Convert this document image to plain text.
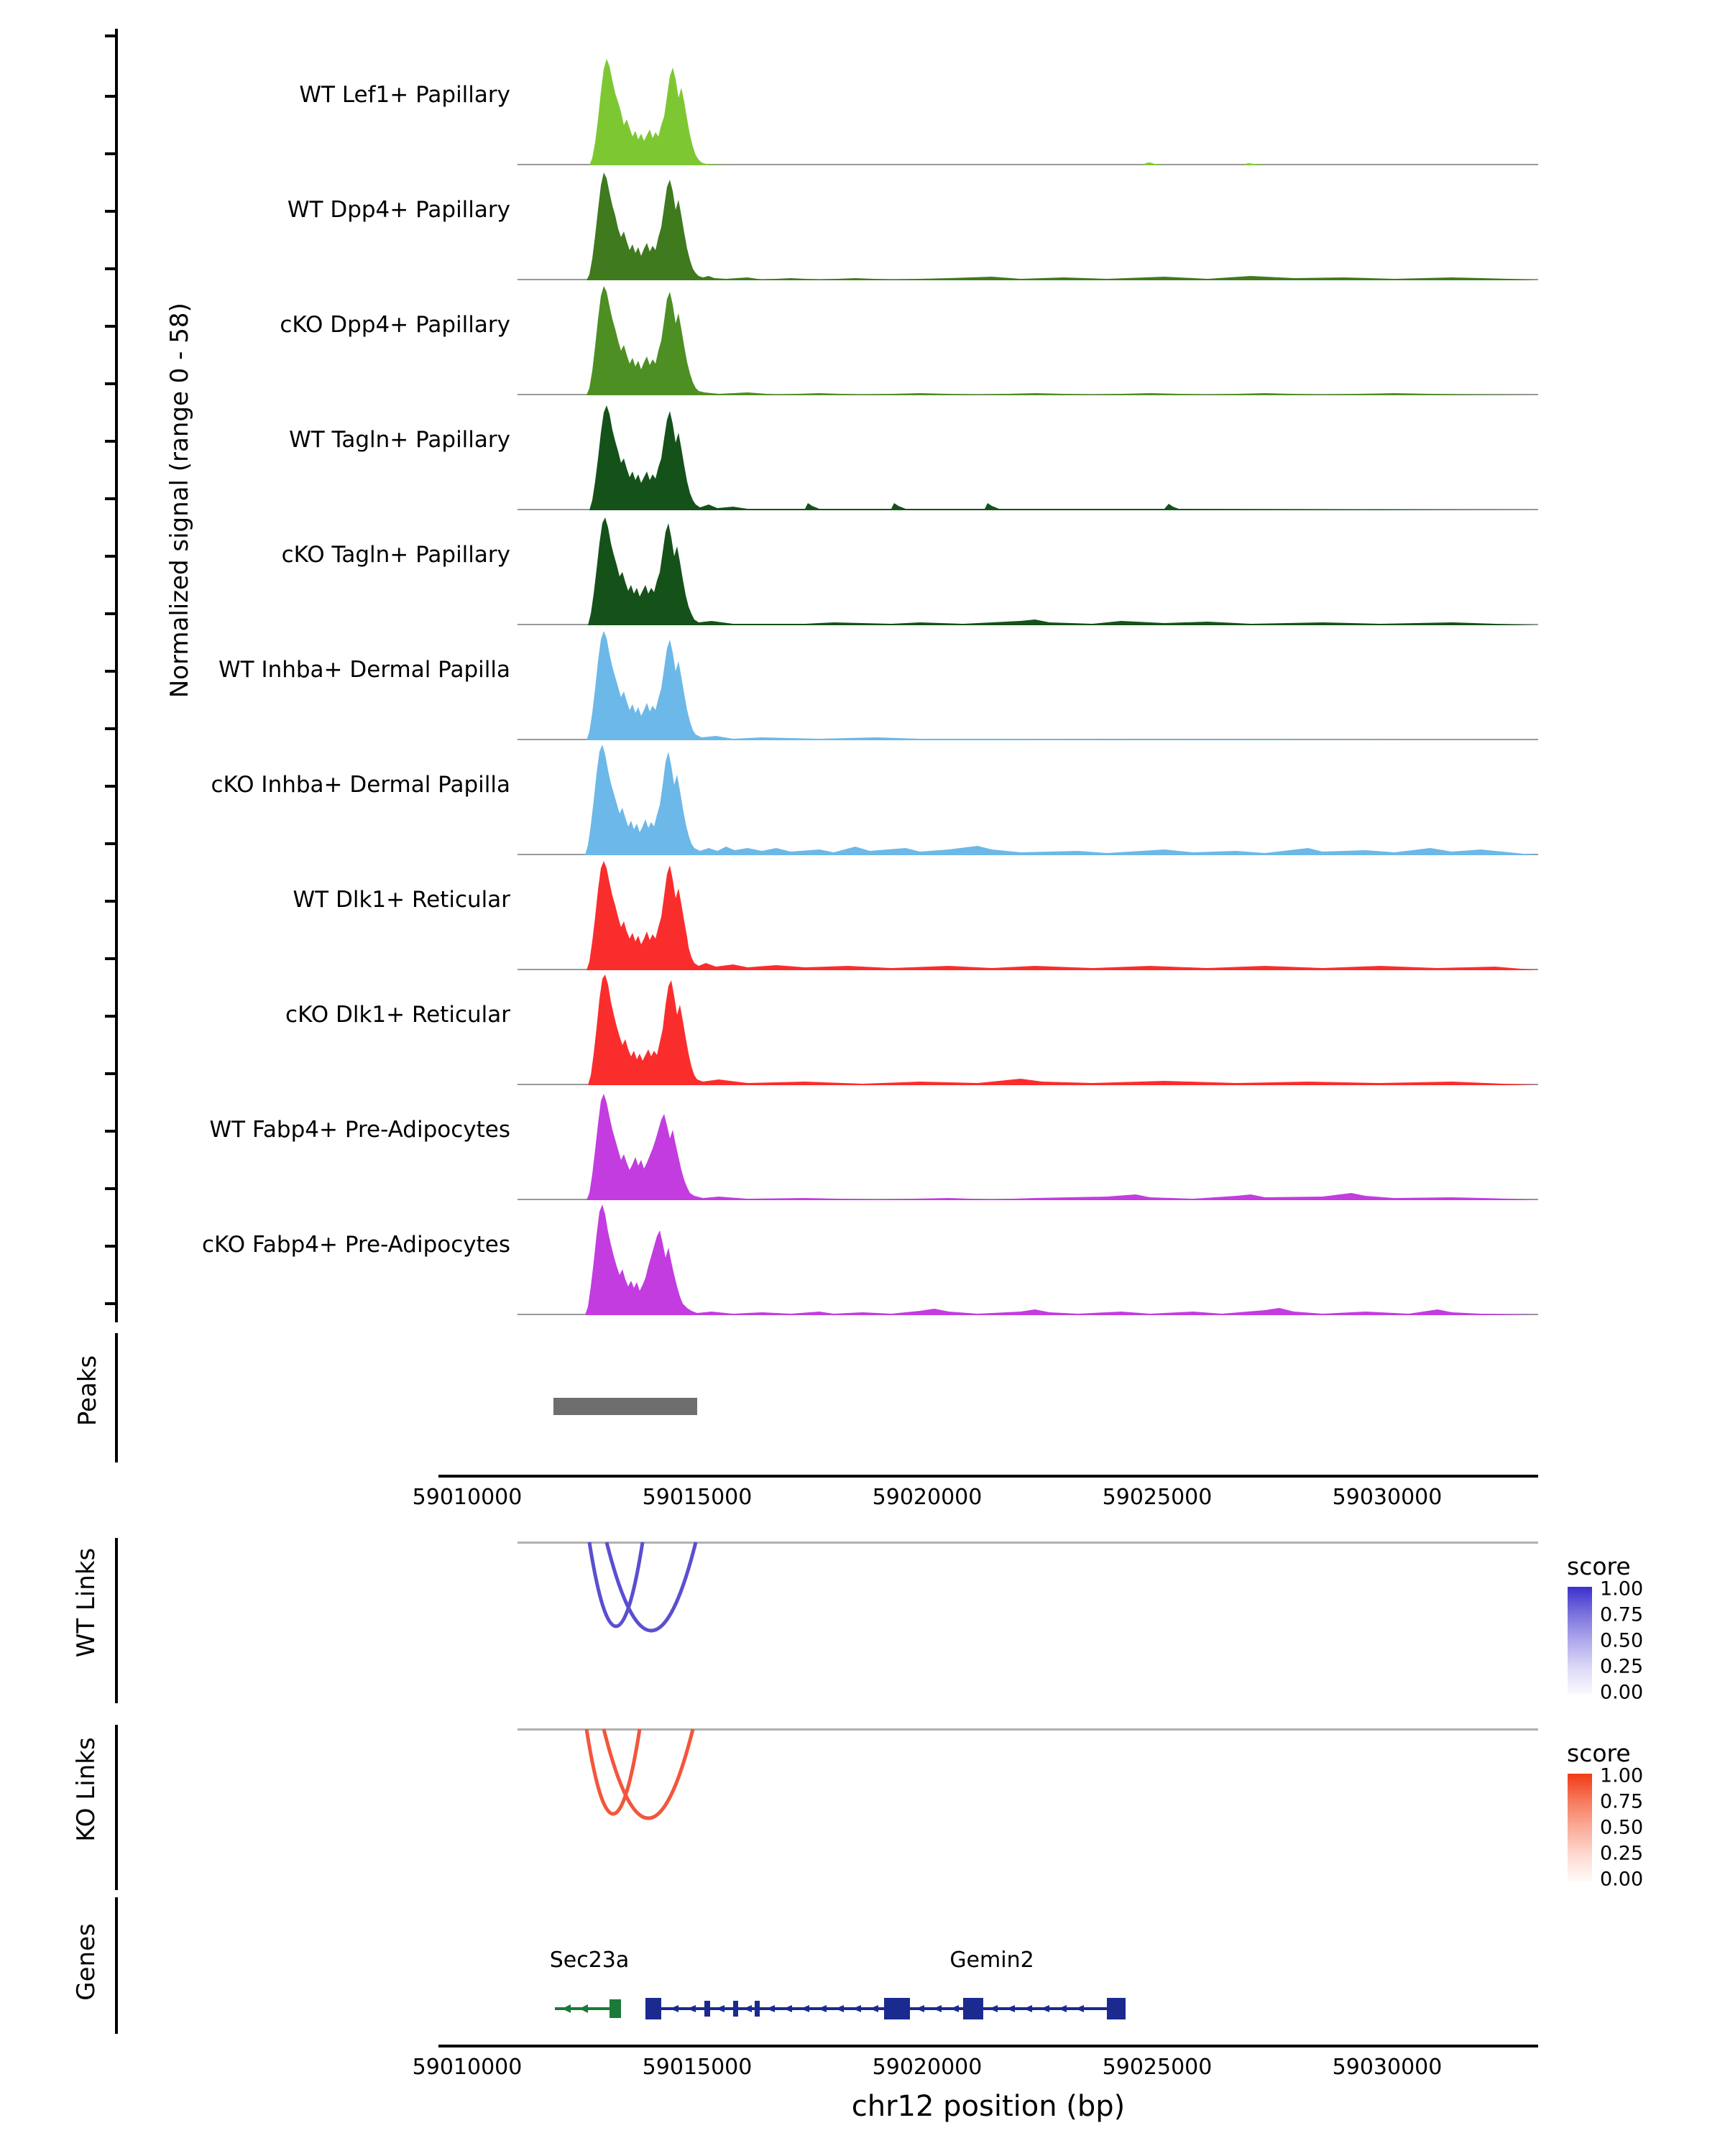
Normalized signal (range 0 - 58)
WT Lef1+ Papillary
WT Dpp4+ Papillary
cKO Dpp4+ Papillary
WT Tagln+ Papillary
cKO Tagln+ Papillary
WT Inhba+ Dermal Papilla
cKO Inhba+ Dermal Papilla
WT Dlk1+ Reticular
cKO Dlk1+ Reticular
WT Fabp4+ Pre-Adipocytes
cKO Fabp4+ Pre-Adipocytes
Peaks
59010000	59015000	59020000	59025000	59030000
WT Links	score
1.00
0.75
0.50
0.25
0.00
KO Links	score
1.00
0.75
0.50
0.25
0.00
Genes	Sec23a	Gemin2
59010000	59015000	59020000	59025000	59030000
chr12 position (bp)
